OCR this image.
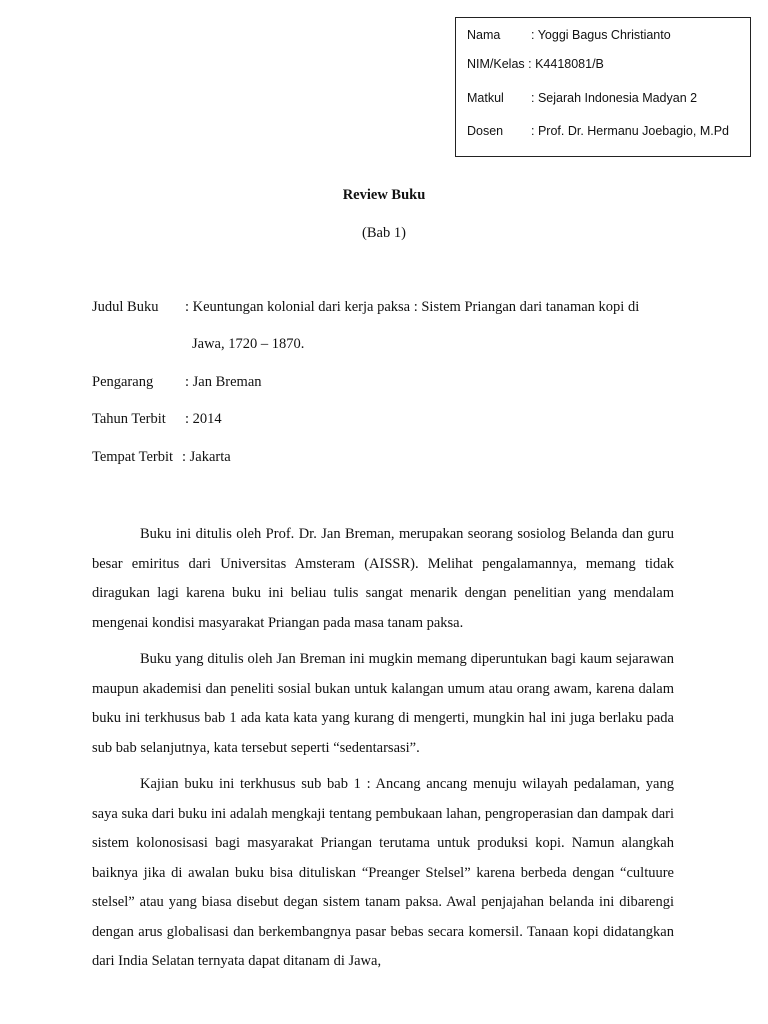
Nama : Yoggi Bagus Christianto
NIM/Kelas : K4418081/B
Matkul : Sejarah Indonesia Madyan 2
Dosen : Prof. Dr. Hermanu Joebagio, M.Pd
Review Buku
(Bab 1)
Judul Buku : Keuntungan kolonial dari kerja paksa : Sistem Priangan dari tanaman kopi di
Jawa, 1720 – 1870.
Pengarang : Jan Breman
Tahun Terbit : 2014
Tempat Terbit : Jakarta

Buku ini ditulis oleh Prof. Dr. Jan Breman, merupakan seorang sosiolog Belanda dan guru besar emiritus dari Universitas Amsteram (AISSR). Melihat pengalamannya, memang tidak diragukan lagi karena buku ini beliau tulis sangat menarik dengan penelitian yang mendalam mengenai kondisi masyarakat Priangan pada masa tanam paksa.

Buku yang ditulis oleh Jan Breman ini mugkin memang diperuntukan bagi kaum sejarawan maupun akademisi dan peneliti sosial bukan untuk kalangan umum atau orang awam, karena dalam buku ini terkhusus bab 1 ada kata kata yang kurang di mengerti, mungkin hal ini juga berlaku pada sub bab selanjutnya, kata tersebut seperti “sedentarsasi”.

Kajian buku ini terkhusus sub bab 1 : Ancang ancang menuju wilayah pedalaman, yang saya suka dari buku ini adalah mengkaji tentang pembukaan lahan, pengroperasian dan dampak dari sistem kolonosisasi bagi masyarakat Priangan terutama untuk produksi kopi. Namun alangkah baiknya jika di awalan buku bisa dituliskan “Preanger Stelsel” karena berbeda dengan “cultuure stelsel” atau yang biasa disebut degan sistem tanam paksa. Awal penjajahan belanda ini dibarengi dengan arus globalisasi dan berkembangnya pasar bebas secara komersil. Tanaan kopi didatangkan dari India Selatan ternyata dapat ditanam di Jawa,
